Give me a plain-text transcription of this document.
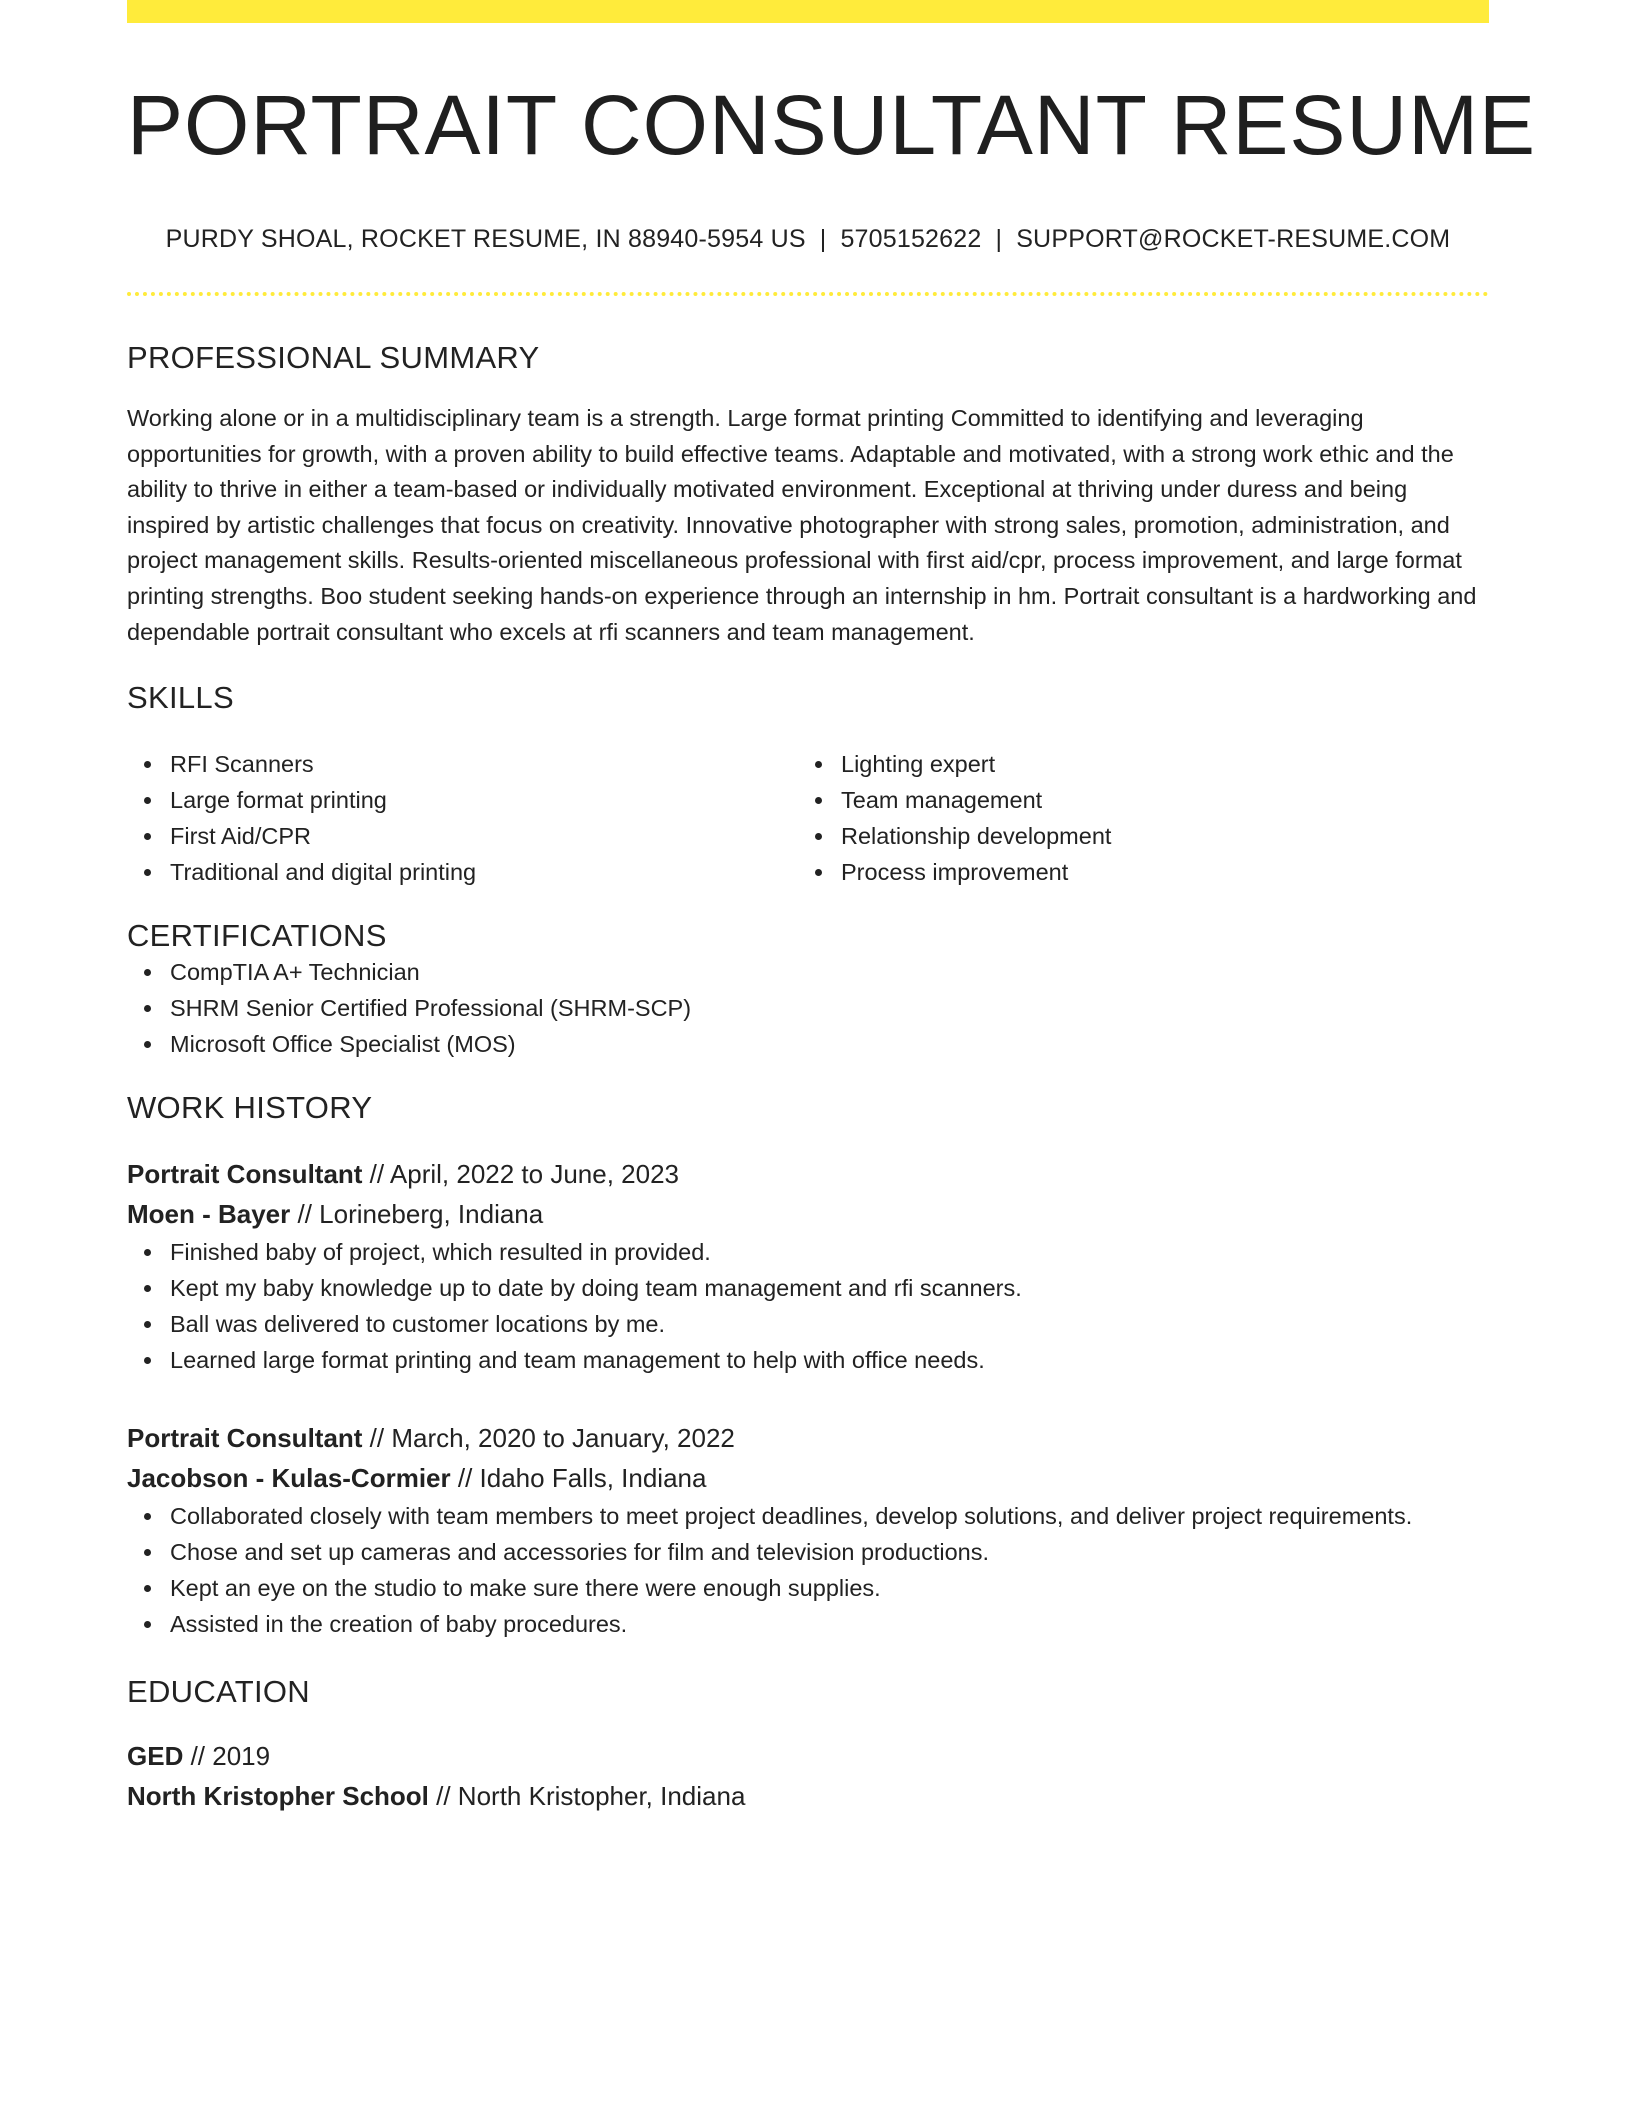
PORTRAIT CONSULTANT RESUME
PURDY SHOAL, ROCKET RESUME, IN 88940-5954 US | 5705152622 | SUPPORT@ROCKET-RESUME.COM
PROFESSIONAL SUMMARY

Working alone or in a multidisciplinary team is a strength. Large format printing Committed to identifying and leveraging opportunities for growth, with a proven ability to build effective teams. Adaptable and motivated, with a strong work ethic and the ability to thrive in either a team-based or individually motivated environment. Exceptional at thriving under duress and being inspired by artistic challenges that focus on creativity. Innovative photographer with strong sales, promotion, administration, and project management skills. Results-oriented miscellaneous professional with first aid/cpr, process improvement, and large format printing strengths. Boo student seeking hands-on experience through an internship in hm. Portrait consultant is a hardworking and dependable portrait consultant who excels at rfi scanners and team management.

SKILLS
RFI Scanners
Large format printing
First Aid/CPR
Traditional and digital printing
Lighting expert
Team management
Relationship development
Process improvement
CERTIFICATIONS
CompTIA A+ Technician
SHRM Senior Certified Professional (SHRM-SCP)
Microsoft Office Specialist (MOS)
WORK HISTORY
Portrait Consultant // April, 2022 to June, 2023
Moen - Bayer // Lorineberg, Indiana
Finished baby of project, which resulted in provided.
Kept my baby knowledge up to date by doing team management and rfi scanners.
Ball was delivered to customer locations by me.
Learned large format printing and team management to help with office needs.
Portrait Consultant // March, 2020 to January, 2022
Jacobson - Kulas-Cormier // Idaho Falls, Indiana
Collaborated closely with team members to meet project deadlines, develop solutions, and deliver project requirements.
Chose and set up cameras and accessories for film and television productions.
Kept an eye on the studio to make sure there were enough supplies.
Assisted in the creation of baby procedures.
EDUCATION
GED // 2019
North Kristopher School // North Kristopher, Indiana
